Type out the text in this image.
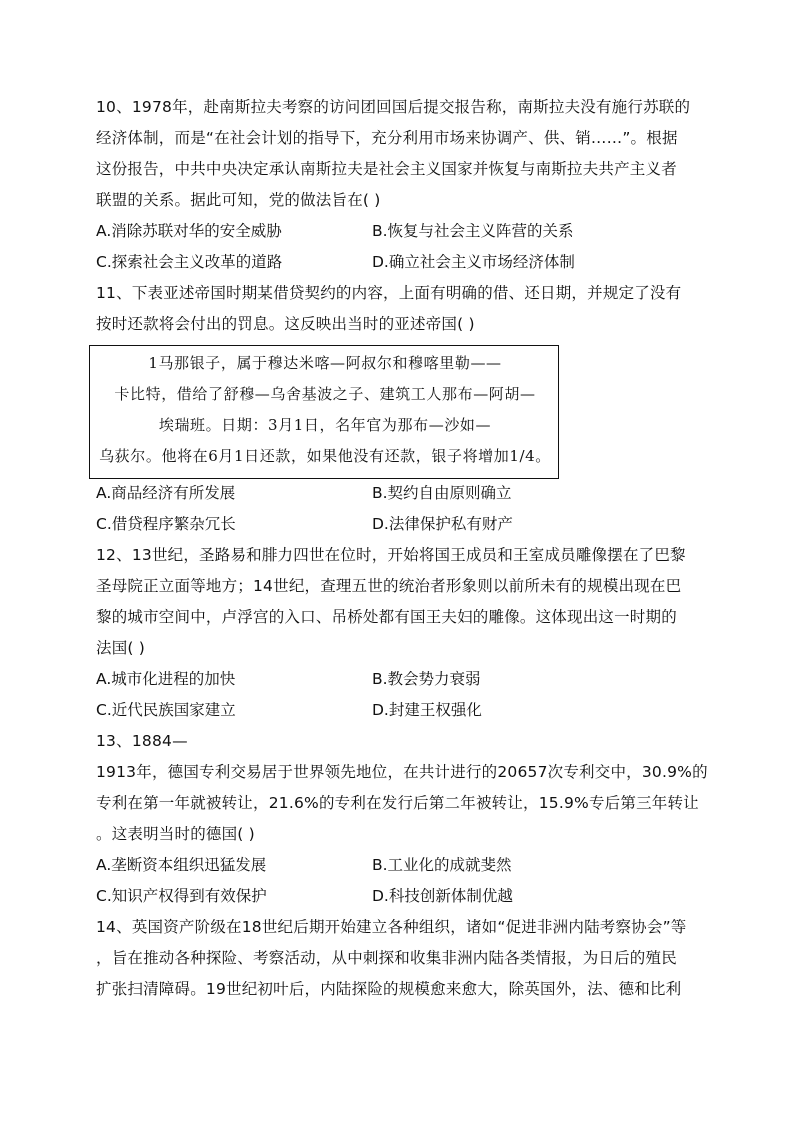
10、1978年，赴南斯拉夫考察的访问团回国后提交报告称，南斯拉夫没有施行苏联的
经济体制，而是“在社会计划的指导下，充分利用市场来协调产、供、销……”。根据
这份报告，中共中央决定承认南斯拉夫是社会主义国家并恢复与南斯拉夫共产主义者
联盟的关系。据此可知，党的做法旨在( )
A.消除苏联对华的安全威胁	B.恢复与社会主义阵营的关系
C.探索社会主义改革的道路	D.确立社会主义市场经济体制
11、下表亚述帝国时期某借贷契约的内容，上面有明确的借、还日期，并规定了没有
按时还款将会付出的罚息。这反映出当时的亚述帝国( )
1马那银子，属于穆达米喀—阿叔尔和穆喀里勒——
卡比特，借给了舒穆—乌舍基波之子、建筑工人那布—阿胡—
埃瑞班。日期：3月1日，名年官为那布—沙如—
乌荻尔。他将在6月1日还款，如果他没有还款，银子将增加1/4。
A.商品经济有所发展	B.契约自由原则确立
C.借贷程序繁杂冗长	D.法律保护私有财产
12、13世纪，圣路易和腓力四世在位时，开始将国王成员和王室成员雕像摆在了巴黎
圣母院正立面等地方；14世纪，查理五世的统治者形象则以前所未有的规模出现在巴
黎的城市空间中，卢浮宫的入口、吊桥处都有国王夫妇的雕像。这体现出这一时期的
法国( )
A.城市化进程的加快	B.教会势力衰弱
C.近代民族国家建立	D.封建王权强化
13、1884—
1913年，德国专利交易居于世界领先地位，在共计进行的20657次专利交中，30.9%的
专利在第一年就被转让，21.6%的专利在发行后第二年被转让，15.9%专后第三年转让
。这表明当时的德国( )
A.垄断资本组织迅猛发展	B.工业化的成就斐然
C.知识产权得到有效保护	D.科技创新体制优越
14、英国资产阶级在18世纪后期开始建立各种组织，诸如“促进非洲内陆考察协会”等
，旨在推动各种探险、考察活动，从中刺探和收集非洲内陆各类情报，为日后的殖民
扩张扫清障碍。19世纪初叶后，内陆探险的规模愈来愈大，除英国外，法、德和比利
